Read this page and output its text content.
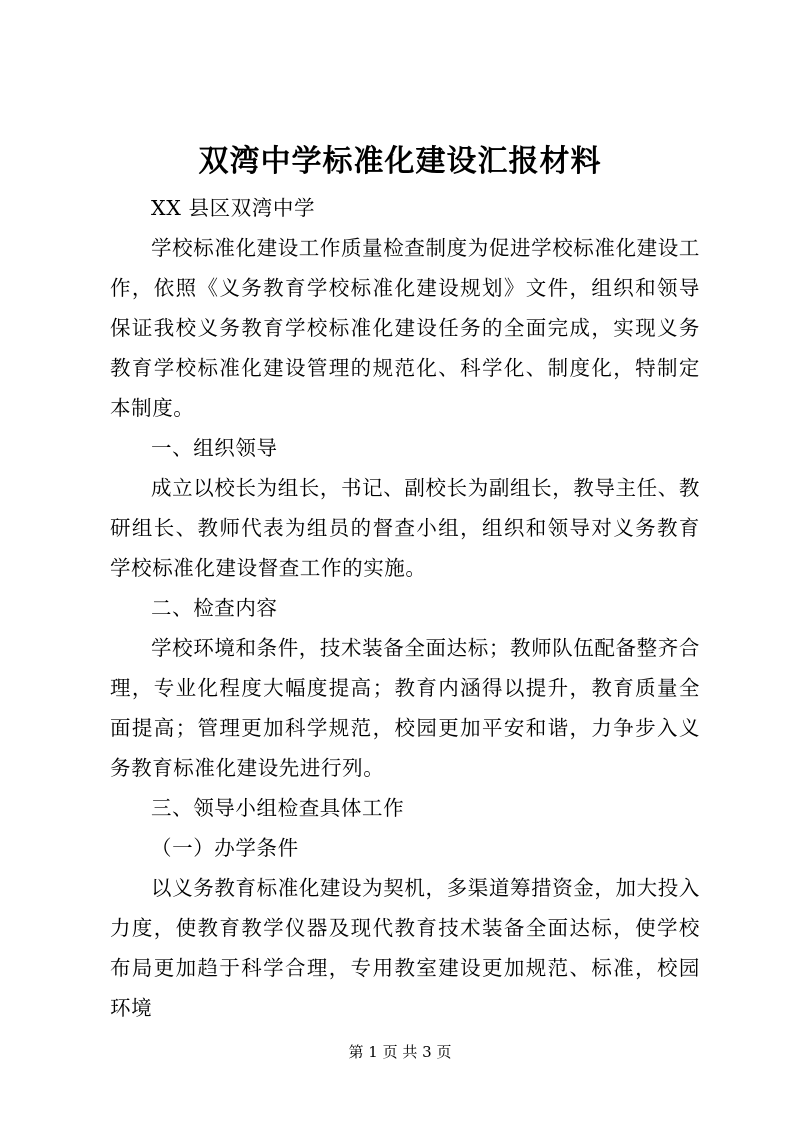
双湾中学标准化建设汇报材料

XX 县区双湾中学

学校标准化建设工作质量检查制度为促进学校标准化建设工作，依照《义务教育学校标准化建设规划》文件，组织和领导保证我校义务教育学校标准化建设任务的全面完成，实现义务教育学校标准化建设管理的规范化、科学化、制度化，特制定本制度。

一、组织领导

成立以校长为组长，书记、副校长为副组长，教导主任、教研组长、教师代表为组员的督查小组，组织和领导对义务教育学校标准化建设督查工作的实施。

二、检查内容

学校环境和条件，技术装备全面达标；教师队伍配备整齐合理，专业化程度大幅度提高；教育内涵得以提升，教育质量全面提高；管理更加科学规范，校园更加平安和谐，力争步入义务教育标准化建设先进行列。

三、领导小组检查具体工作

（一）办学条件

以义务教育标准化建设为契机，多渠道筹措资金，加大投入力度，使教育教学仪器及现代教育技术装备全面达标，使学校布局更加趋于科学合理，专用教室建设更加规范、标准，校园环境

第 1 页 共 3 页
